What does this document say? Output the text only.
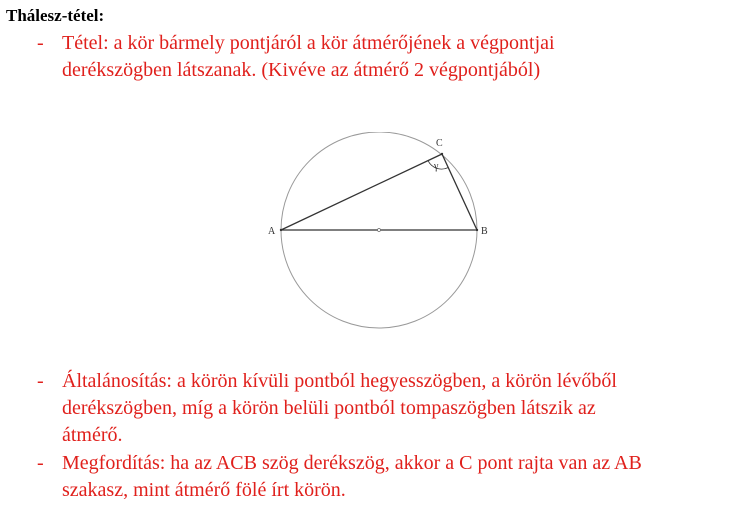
Thálesz-tétel:
- Tétel: a kör bármely pontjáról a kör átmérőjének a végpontjai
derékszögben látszanak. (Kivéve az átmérő 2 végpontjából)
A	B
C
γ
- Általánosítás: a körön kívüli pontból hegyesszögben, a körön lévőből
derékszögben, míg a körön belüli pontból tompaszögben látszik az
átmérő.
- Megfordítás: ha az ACB szög derékszög, akkor a C pont rajta van az AB
szakasz, mint átmérő fölé írt körön.
